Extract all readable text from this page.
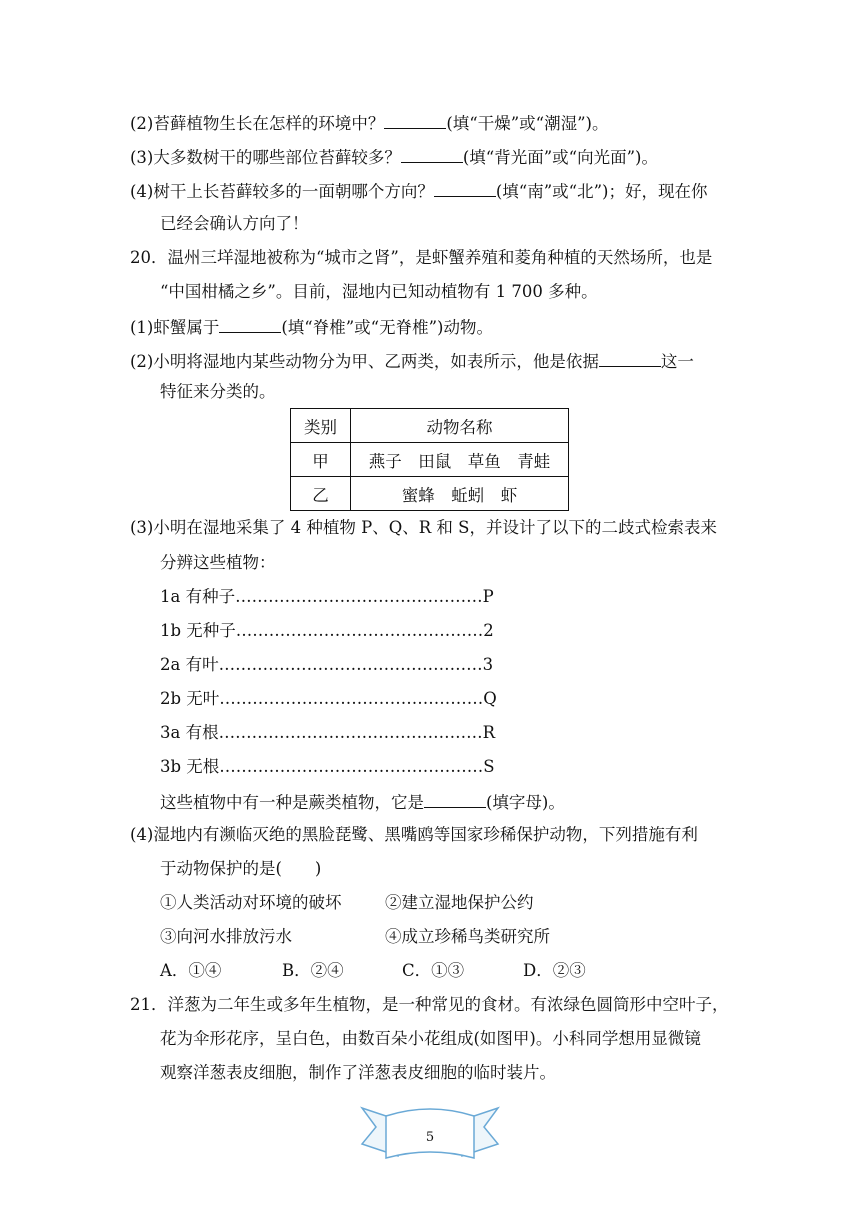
(2)苔藓植物生长在怎样的环境中？	(填“干燥”或“潮湿”)。
(3)大多数树干的哪些部位苔藓较多？	(填“背光面”或“向光面”)。
(4)树干上长苔藓较多的一面朝哪个方向？	(填“南”或“北”)；好，现在你
已经会确认方向了！
20．温州三垟湿地被称为“城市之肾”，是虾蟹养殖和菱角种植的天然场所，也是
“中国柑橘之乡”。目前，湿地内已知动植物有 1 700 多种。
(1)虾蟹属于	(填“脊椎”或“无脊椎”)动物。
(2)小明将湿地内某些动物分为甲、乙两类，如表所示，他是依据	这一
特征来分类的。
类别	动物名称
甲	燕子　田鼠　草鱼　青蛙
乙	蜜蜂　蚯蚓　虾
(3)小明在湿地采集了 4 种植物 P、Q、R 和 S，并设计了以下的二歧式检索表来
分辨这些植物：
1a 有种子………………………………………P
1b 无种子………………………………………2
2a 有叶…………………………………………3
2b 无叶…………………………………………Q
3a 有根…………………………………………R
3b 无根…………………………………………S
这些植物中有一种是蕨类植物，它是	(填字母)。
(4)湿地内有濒临灭绝的黑脸琵鹭、黑嘴鸥等国家珍稀保护动物，下列措施有利
于动物保护的是(　　)
①人类活动对环境的破坏	②建立湿地保护公约
③向河水排放污水	④成立珍稀鸟类研究所
A．①④	B．②④	C．①③	D．②③
21．洋葱为二年生或多年生植物，是一种常见的食材。有浓绿色圆筒形中空叶子，
花为伞形花序，呈白色，由数百朵小花组成(如图甲)。小科同学想用显微镜
观察洋葱表皮细胞，制作了洋葱表皮细胞的临时装片。
5
